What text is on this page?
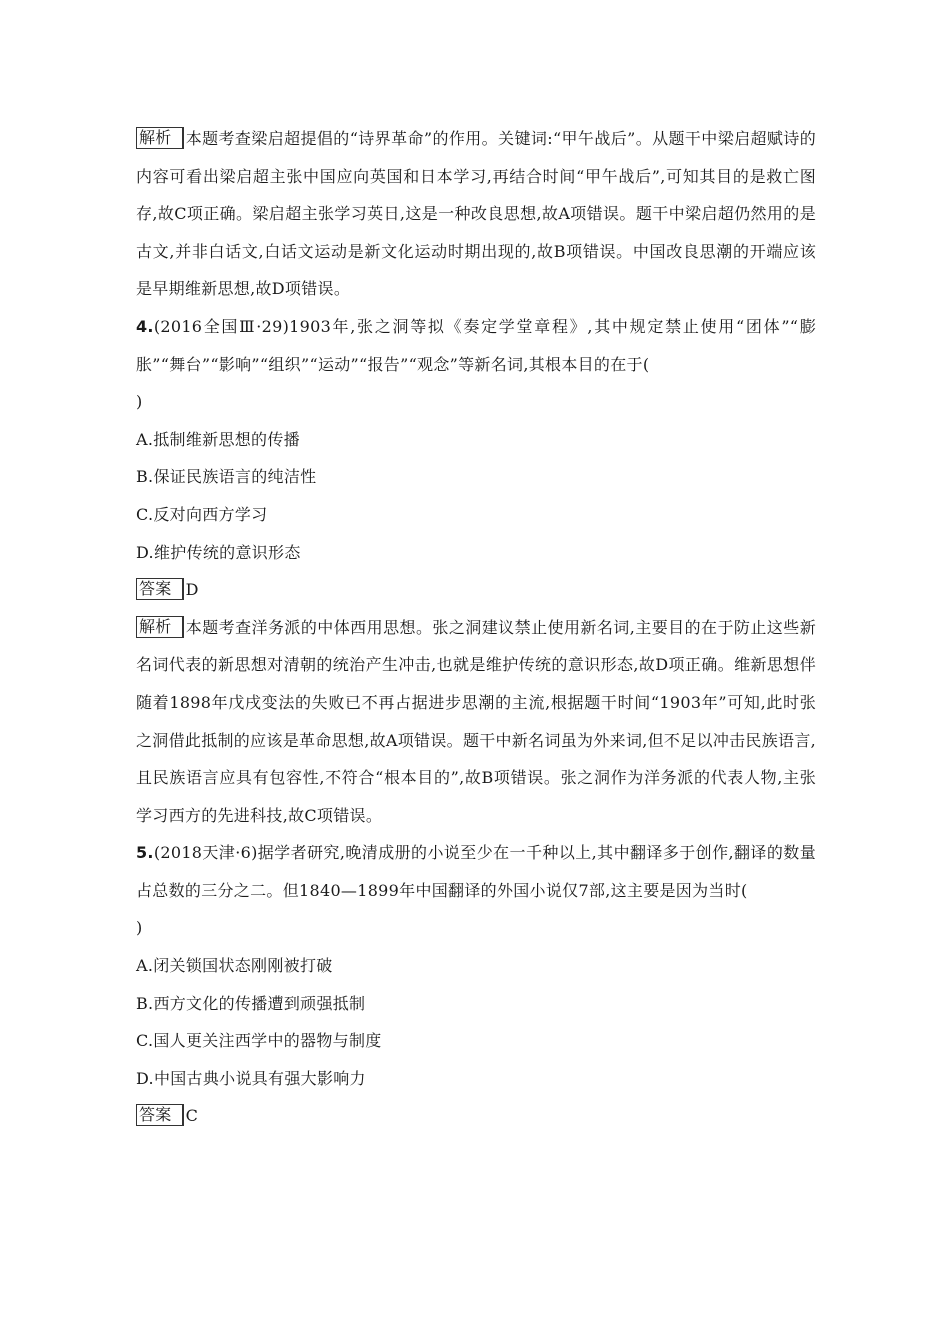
解析 本题考查梁启超提倡的“诗界革命”的作用。关键词:“甲午战后”。从题干中梁启超赋诗的内容可看出梁启超主张中国应向英国和日本学习,再结合时间“甲午战后”,可知其目的是救亡图存,故C项正确。梁启超主张学习英日,这是一种改良思想,故A项错误。题干中梁启超仍然用的是古文,并非白话文,白话文运动是新文化运动时期出现的,故B项错误。中国改良思潮的开端应该是早期维新思想,故D项错误。

4.(2016全国Ⅲ·29)1903年,张之洞等拟《奏定学堂章程》,其中规定禁止使用“团体”“膨胀”“舞台”“影响”“组织”“运动”“报告”“观念”等新名词,其根本目的在于(

)
A.抵制维新思想的传播
B.保证民族语言的纯洁性
C.反对向西方学习
D.维护传统的意识形态

答案 D

解析 本题考查洋务派的中体西用思想。张之洞建议禁止使用新名词,主要目的在于防止这些新名词代表的新思想对清朝的统治产生冲击,也就是维护传统的意识形态,故D项正确。维新思想伴随着1898年戊戌变法的失败已不再占据进步思潮的主流,根据题干时间“1903年”可知,此时张之洞借此抵制的应该是革命思想,故A项错误。题干中新名词虽为外来词,但不足以冲击民族语言,且民族语言应具有包容性,不符合“根本目的”,故B项错误。张之洞作为洋务派的代表人物,主张学习西方的先进科技,故C项错误。

5.(2018天津·6)据学者研究,晚清成册的小说至少在一千种以上,其中翻译多于创作,翻译的数量占总数的三分之二。但1840—1899年中国翻译的外国小说仅7部,这主要是因为当时(

)
A.闭关锁国状态刚刚被打破
B.西方文化的传播遭到顽强抵制
C.国人更关注西学中的器物与制度
D.中国古典小说具有强大影响力

答案 C
